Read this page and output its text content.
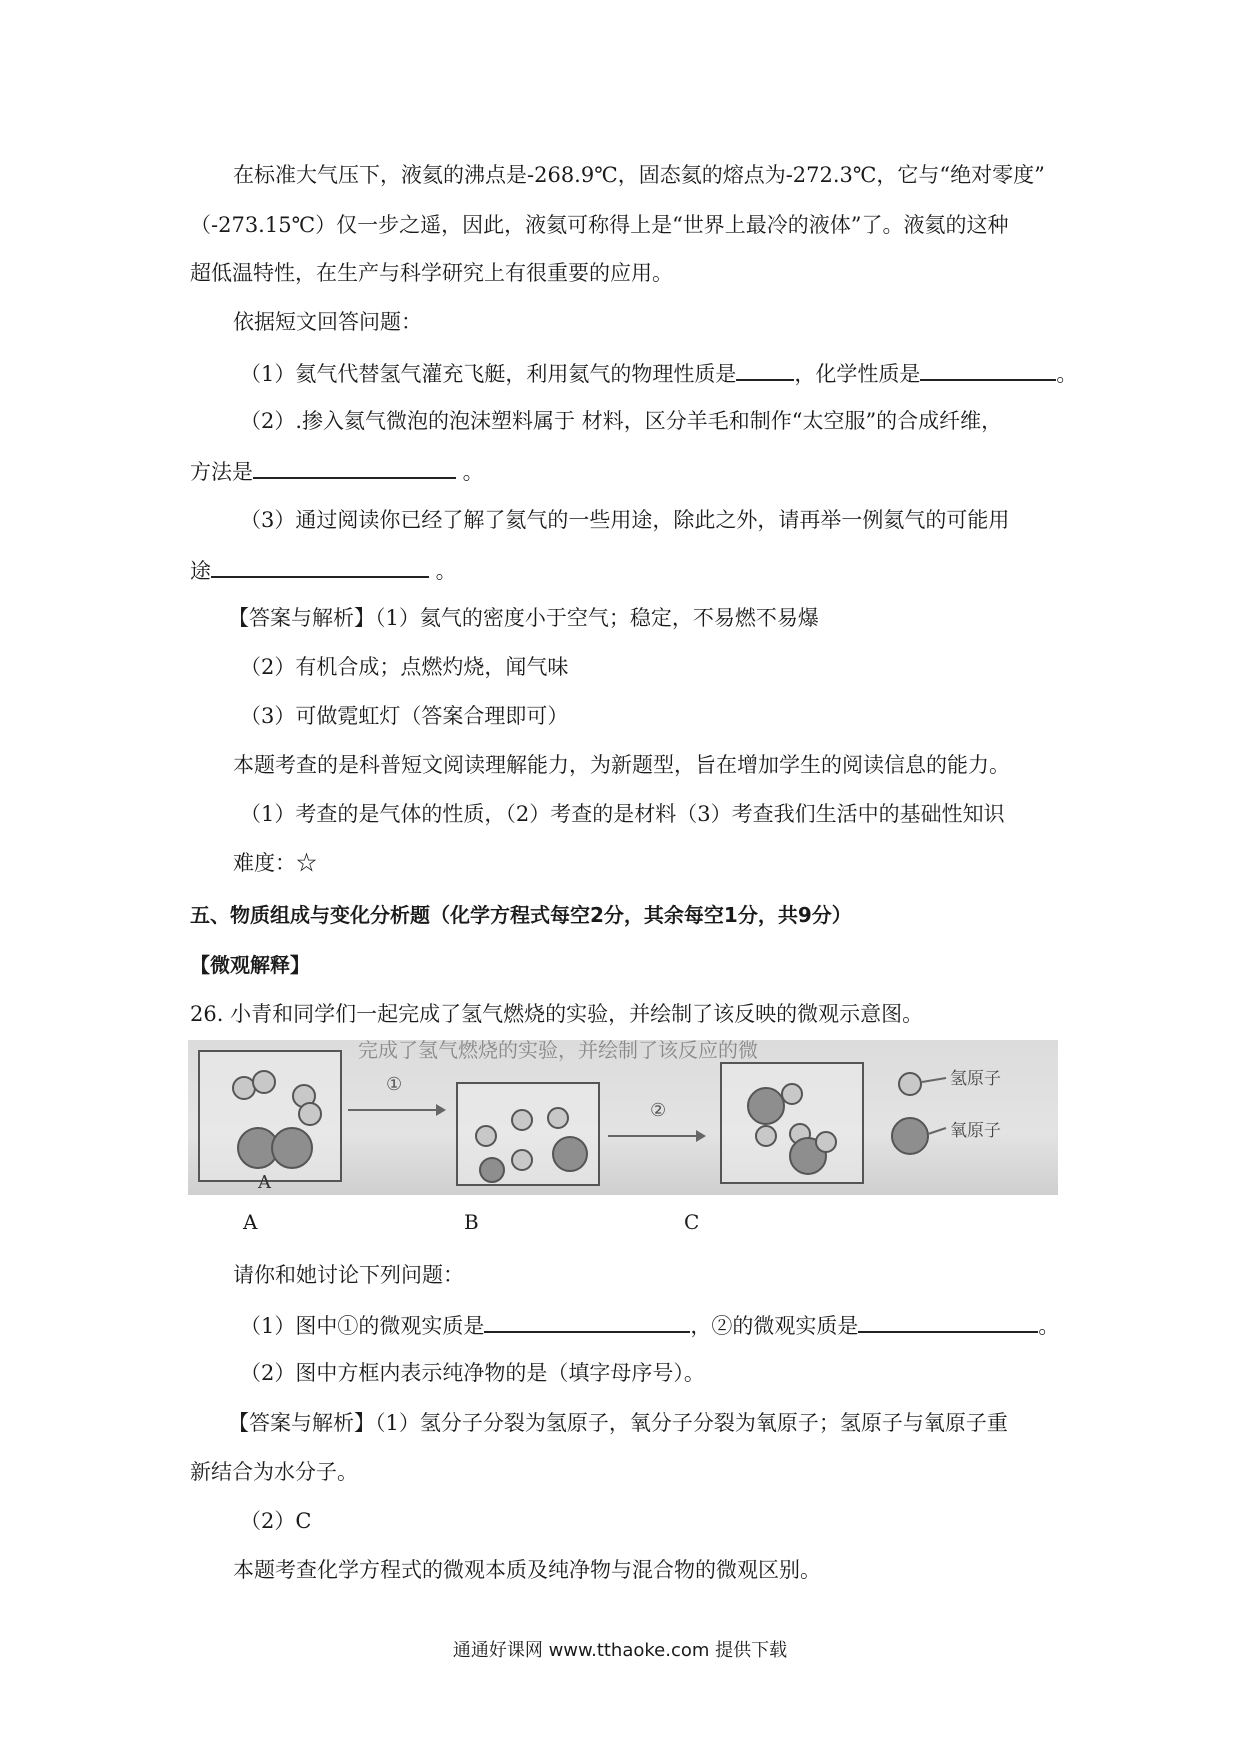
在标准大气压下，液氦的沸点是-268.9℃，固态氦的熔点为-272.3℃，它与“绝对零度”
（-273.15℃）仅一步之遥，因此，液氦可称得上是“世界上最冷的液体”了。液氦的这种
超低温特性，在生产与科学研究上有很重要的应用。
依据短文回答问题：
（1）氦气代替氢气灌充飞艇，利用氦气的物理性质是	，化学性质是	。
（2）.掺入氦气微泡的泡沫塑料属于 材料，区分羊毛和制作“太空服”的合成纤维，
方法是	。
（3）通过阅读你已经了解了氦气的一些用途，除此之外，请再举一例氦气的可能用
途	。
【答案与解析】（1）氦气的密度小于空气；稳定，不易燃不易爆
（2）有机合成；点燃灼烧，闻气味
（3）可做霓虹灯（答案合理即可）
本题考查的是科普短文阅读理解能力，为新题型，旨在增加学生的阅读信息的能力。
（1）考查的是气体的性质，（2）考查的是材料（3）考查我们生活中的基础性知识
难度：☆
五、物质组成与变化分析题（化学方程式每空2分，其余每空1分，共9分）
【微观解释】
26. 小青和同学们一起完成了氢气燃烧的实验，并绘制了该反映的微观示意图。
完成了氢气燃烧的实验，并绘制了该反应的微
A
①
②
氢原子
氧原子
A	B	C
请你和她讨论下列问题：
（1）图中①的微观实质是	，②的微观实质是	。
（2）图中方框内表示纯净物的是（填字母序号）。
【答案与解析】（1）氢分子分裂为氢原子，氧分子分裂为氧原子；氢原子与氧原子重
新结合为水分子。
（2）C
本题考查化学方程式的微观本质及纯净物与混合物的微观区别。
通通好课网 www.tthaoke.com 提供下载
